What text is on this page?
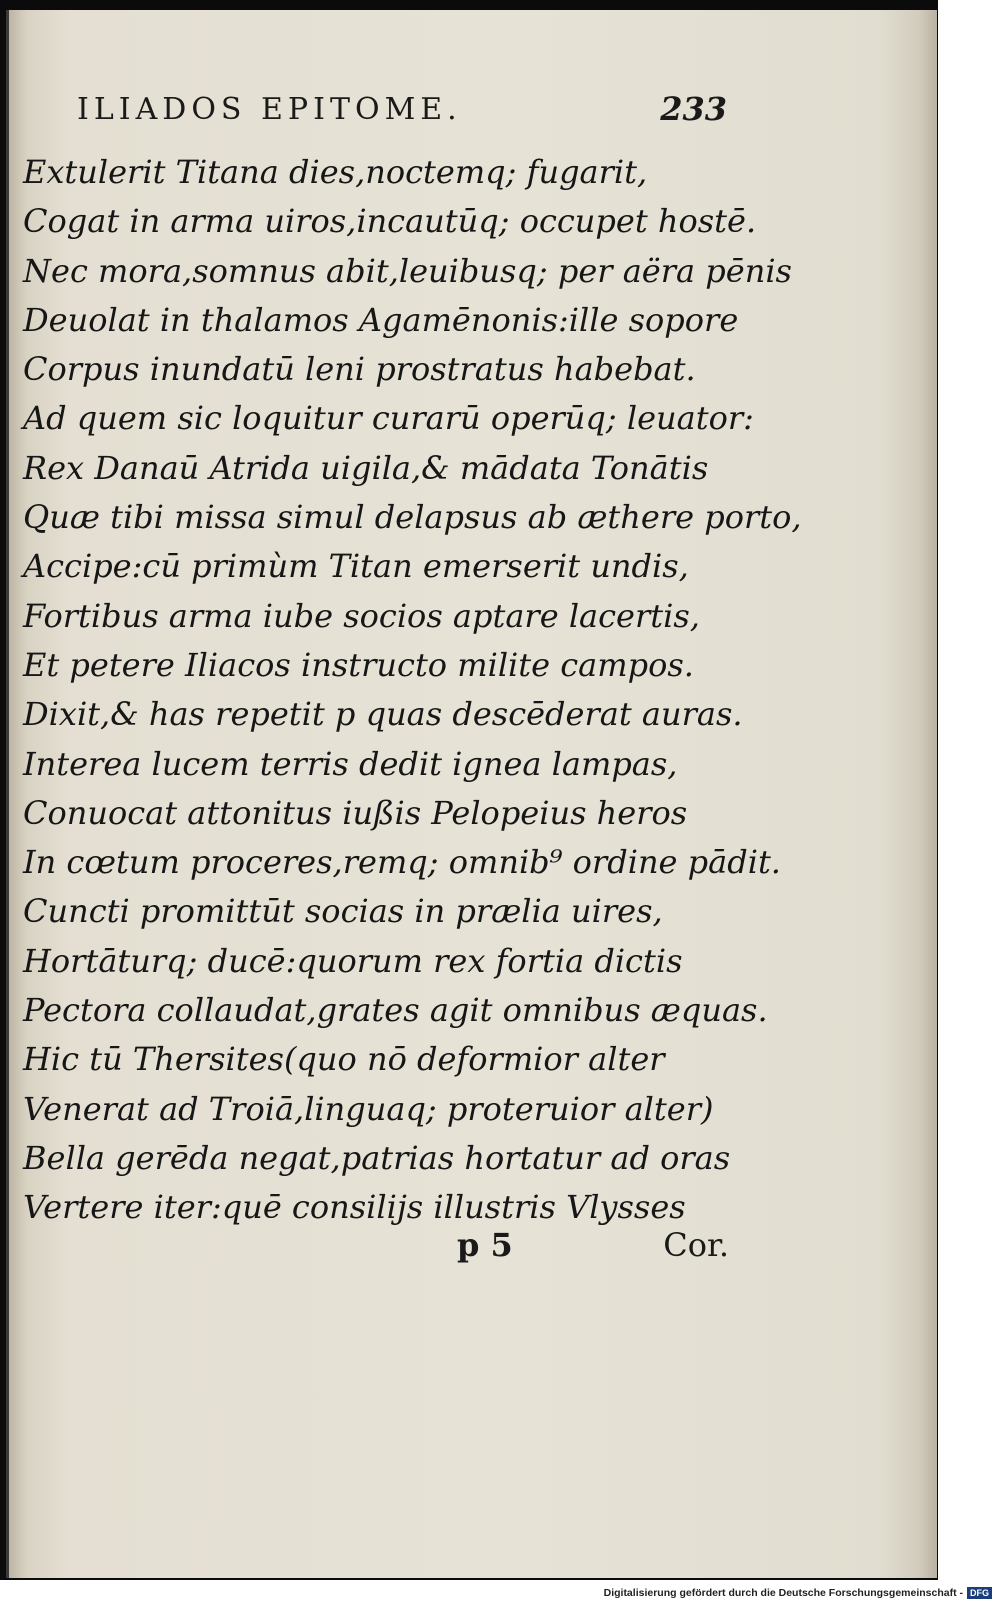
ILIADOS EPITOME.	233
Extulerit Titana dies,noctemq; fugarit,
Cogat in arma uiros,incautūq; occupet hostē.
Nec mora,somnus abit,leuibusq; per aëra pēnis
Deuolat in thalamos Agamēnonis:ille sopore
Corpus inundatū leni prostratus habebat.
Ad quem sic loquitur curarū operūq; leuator:
Rex Danaū Atrida uigila,& mādata Tonātis
Quæ tibi missa simul delapsus ab æthere porto,
Accipe:cū primùm Titan emerserit undis,
Fortibus arma iube socios aptare lacertis,
Et petere Iliacos instructo milite campos.
Dixit,& has repetit p quas descēderat auras.
Interea lucem terris dedit ignea lampas,
Conuocat attonitus iußis Pelopeius heros
In cœtum proceres,remq; omnib⁹ ordine pādit.
Cuncti promittūt socias in prælia uires,
Hortāturq; ducē:quorum rex fortia dictis
Pectora collaudat,grates agit omnibus æquas.
Hic tū Thersites(quo nō deformior alter
Venerat ad Troiā,linguaq; proteruior alter)
Bella gerēda negat,patrias hortatur ad oras
Vertere iter:quē consilijs illustris Vlysses
p 5	Cor.
Digitalisierung gefördert durch die Deutsche Forschungsgemeinschaft - DFG
